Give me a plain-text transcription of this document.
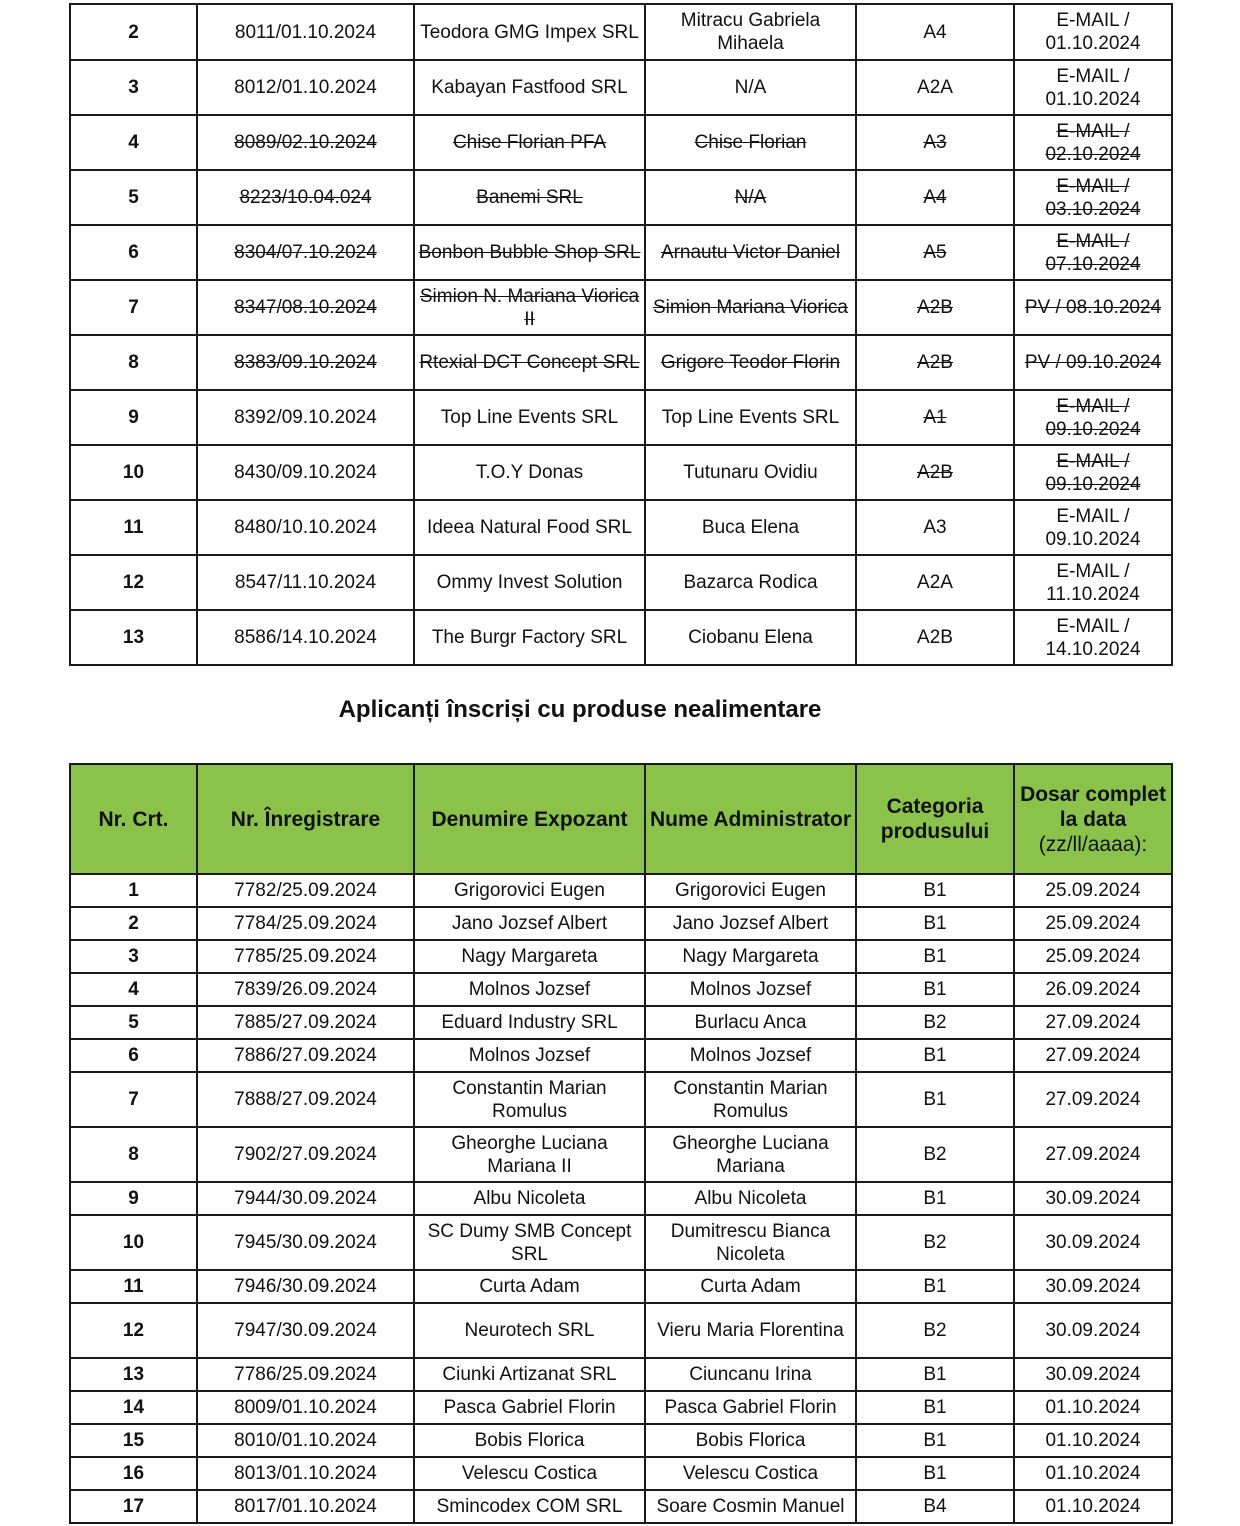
2	8011/01.10.2024	Teodora GMG Impex SRL	Mitracu Gabriela Mihaela	A4	E-MAIL / 01.10.2024
3	8012/01.10.2024	Kabayan Fastfood SRL	N/A	A2A	E-MAIL / 01.10.2024
4	8089/02.10.2024	Chise Florian PFA	Chise Florian	A3	E-MAIL / 02.10.2024
5	8223/10.04.024	Banemi SRL	N/A	A4	E-MAIL / 03.10.2024
6	8304/07.10.2024	Bonbon Bubble Shop SRL	Arnautu Victor Daniel	A5	E-MAIL / 07.10.2024
7	8347/08.10.2024	Simion N. Mariana Viorica II	Simion Mariana Viorica	A2B	PV / 08.10.2024
8	8383/09.10.2024	Rtexial DCT Concept SRL	Grigore Teodor Florin	A2B	PV / 09.10.2024
9	8392/09.10.2024	Top Line Events SRL	Top Line Events SRL	A1	E-MAIL / 09.10.2024
10	8430/09.10.2024	T.O.Y Donas	Tutunaru Ovidiu	A2B	E-MAIL / 09.10.2024
11	8480/10.10.2024	Ideea Natural Food SRL	Buca Elena	A3	E-MAIL / 09.10.2024
12	8547/11.10.2024	Ommy Invest Solution	Bazarca Rodica	A2A	E-MAIL / 11.10.2024
13	8586/14.10.2024	The Burgr Factory SRL	Ciobanu Elena	A2B	E-MAIL / 14.10.2024
Aplicanți înscriși cu produse nealimentare
Nr. Crt.	Nr. Înregistrare	Denumire Expozant	Nume Administrator	Categoria produsului	Dosar complet la data
(zz/ll/aaaa):
1	7782/25.09.2024	Grigorovici Eugen	Grigorovici Eugen	B1	25.09.2024
2	7784/25.09.2024	Jano Jozsef Albert	Jano Jozsef Albert	B1	25.09.2024
3	7785/25.09.2024	Nagy Margareta	Nagy Margareta	B1	25.09.2024
4	7839/26.09.2024	Molnos Jozsef	Molnos Jozsef	B1	26.09.2024
5	7885/27.09.2024	Eduard Industry SRL	Burlacu Anca	B2	27.09.2024
6	7886/27.09.2024	Molnos Jozsef	Molnos Jozsef	B1	27.09.2024
7	7888/27.09.2024	Constantin Marian Romulus	Constantin Marian Romulus	B1	27.09.2024
8	7902/27.09.2024	Gheorghe Luciana Mariana II	Gheorghe Luciana Mariana	B2	27.09.2024
9	7944/30.09.2024	Albu Nicoleta	Albu Nicoleta	B1	30.09.2024
10	7945/30.09.2024	SC Dumy SMB Concept SRL	Dumitrescu Bianca Nicoleta	B2	30.09.2024
11	7946/30.09.2024	Curta Adam	Curta Adam	B1	30.09.2024
12	7947/30.09.2024	Neurotech SRL	Vieru Maria Florentina	B2	30.09.2024
13	7786/25.09.2024	Ciunki Artizanat SRL	Ciuncanu Irina	B1	30.09.2024
14	8009/01.10.2024	Pasca Gabriel Florin	Pasca Gabriel Florin	B1	01.10.2024
15	8010/01.10.2024	Bobis Florica	Bobis Florica	B1	01.10.2024
16	8013/01.10.2024	Velescu Costica	Velescu Costica	B1	01.10.2024
17	8017/01.10.2024	Smincodex COM SRL	Soare Cosmin Manuel	B4	01.10.2024
